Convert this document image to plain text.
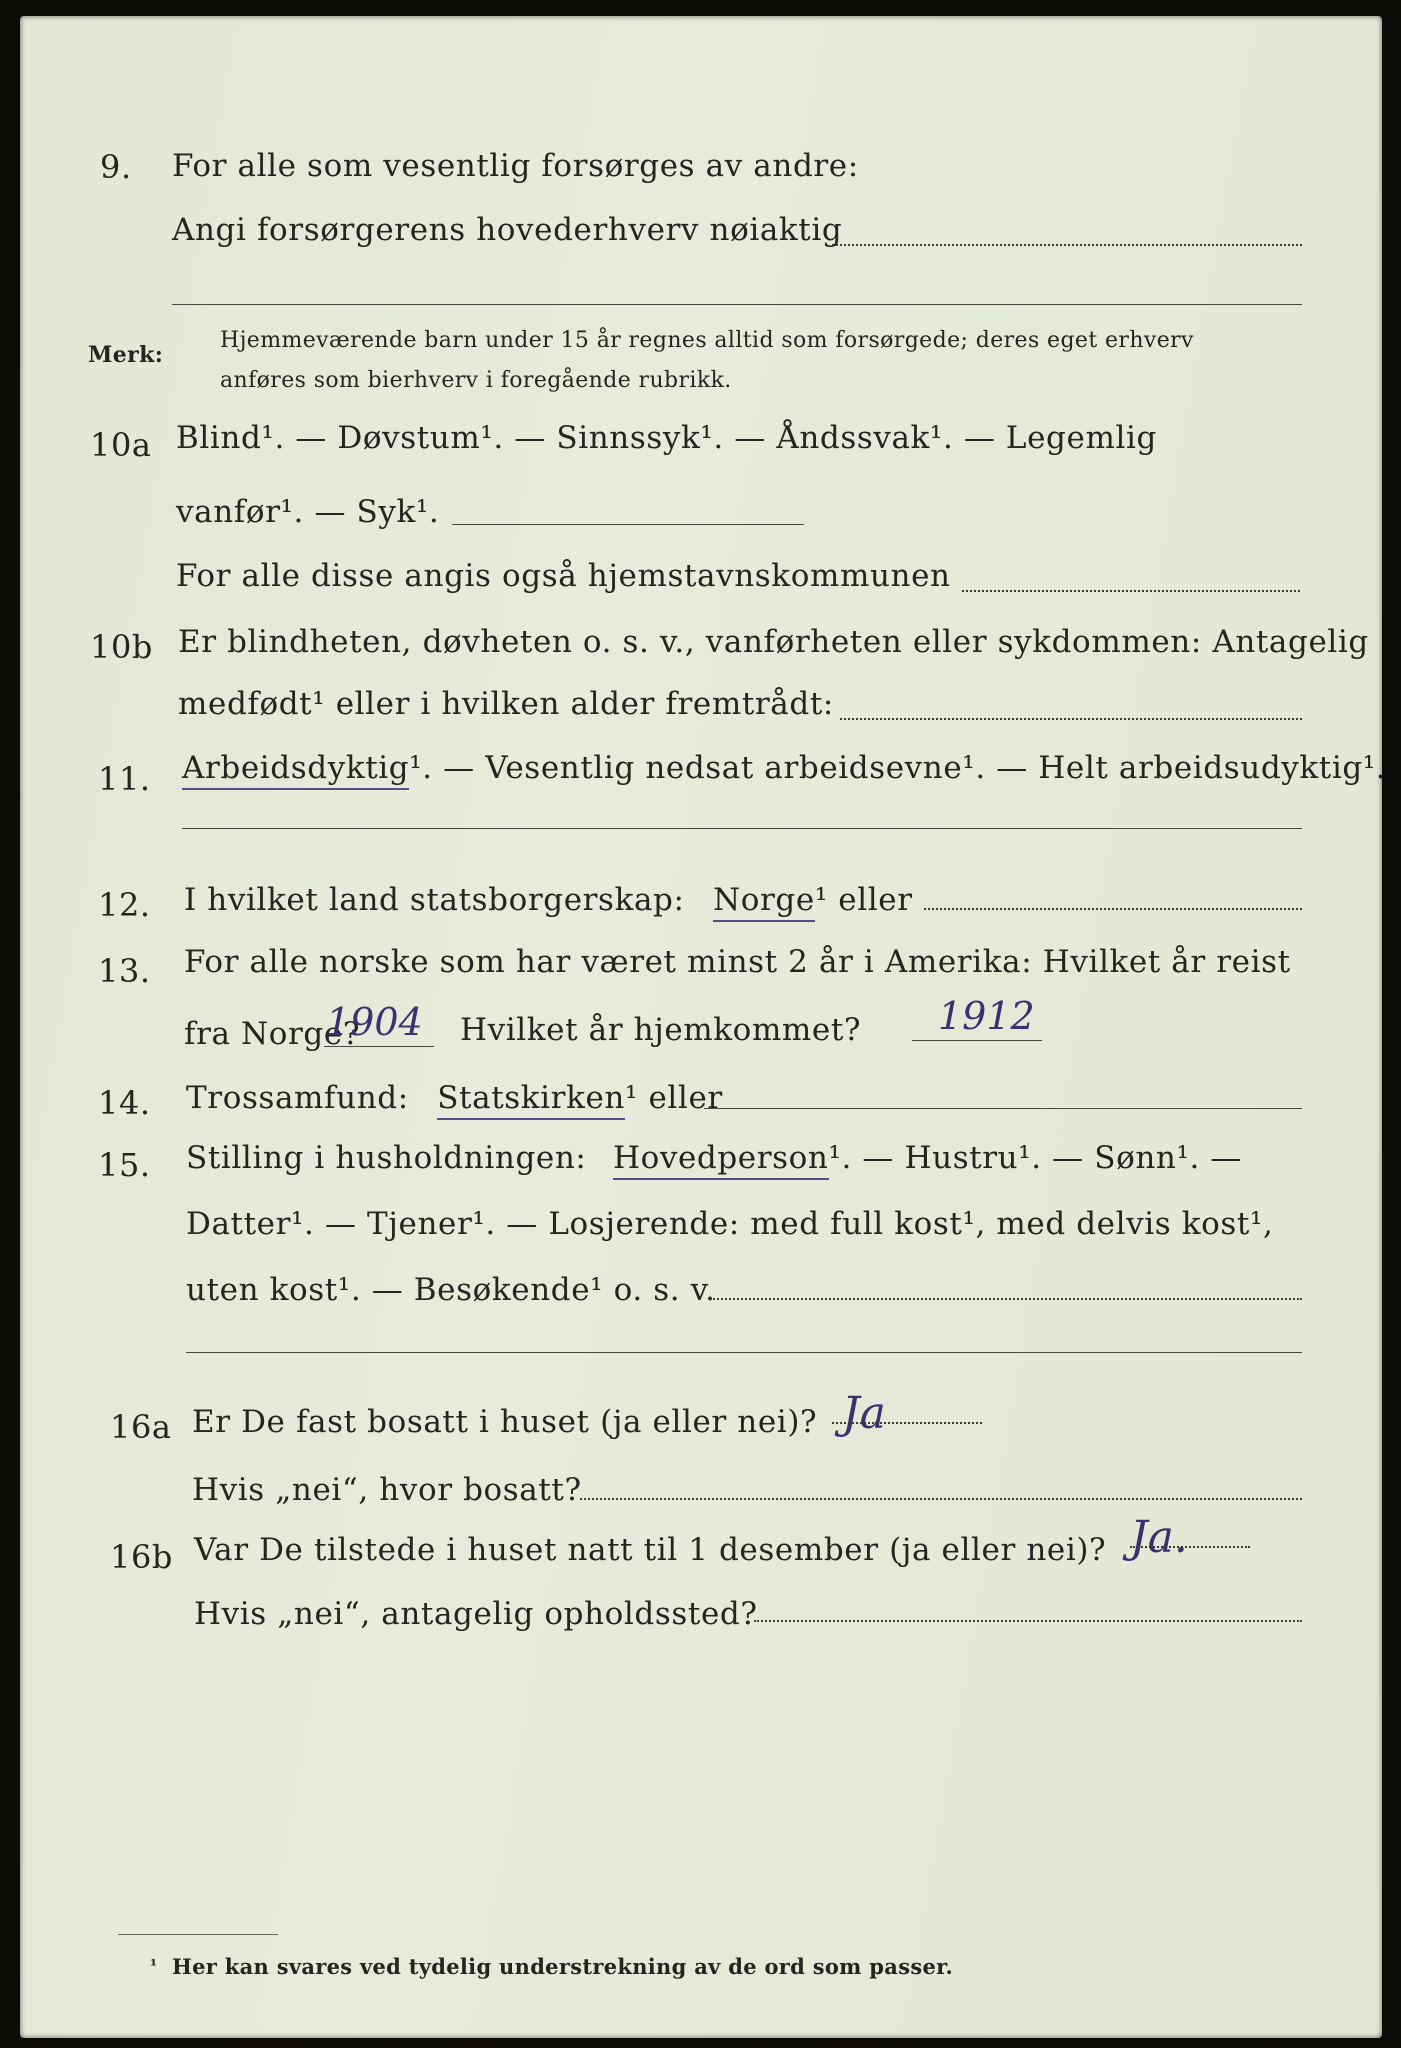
9. For alle som vesentlig forsørges av andre:
Angi forsørgerens hovederhverv nøiaktig
Merk:
Hjemmeværende barn under 15 år regnes alltid som forsørgede; deres eget erhverv
anføres som bierhverv i foregående rubrikk.
10a Blind¹. — Døvstum¹. — Sinnssyk¹. — Åndssvak¹. — Legemlig
vanfør¹. — Syk¹.
For alle disse angis også hjemstavnskommunen
10b Er blindheten, døvheten o. s. v., vanførheten eller sykdommen: Antagelig
medfødt¹ eller i hvilken alder fremtrådt:
11. Arbeidsdyktig¹. — Vesentlig nedsat arbeidsevne¹. — Helt arbeidsudyktig¹.
12. I hvilket land statsborgerskap: Norge¹ eller
13. For alle norske som har været minst 2 år i Amerika: Hvilket år reist
fra Norge?
1904 Hvilket år hjemkommet? 1912
14. Trossamfund: Statskirken¹ eller
15. Stilling i husholdningen: Hovedperson¹. — Hustru¹. — Sønn¹. —
Datter¹. — Tjener¹. — Losjerende: med full kost¹, med delvis kost¹,
uten kost¹. — Besøkende¹ o. s. v.
16a Er De fast bosatt i huset (ja eller nei)? Ja
Hvis „nei“, hvor bosatt?
16b Var De tilstede i huset natt til 1 desember (ja eller nei)? Ja.
Hvis „nei“, antagelig opholdssted?
¹ Her kan svares ved tydelig understrekning av de ord som passer.
